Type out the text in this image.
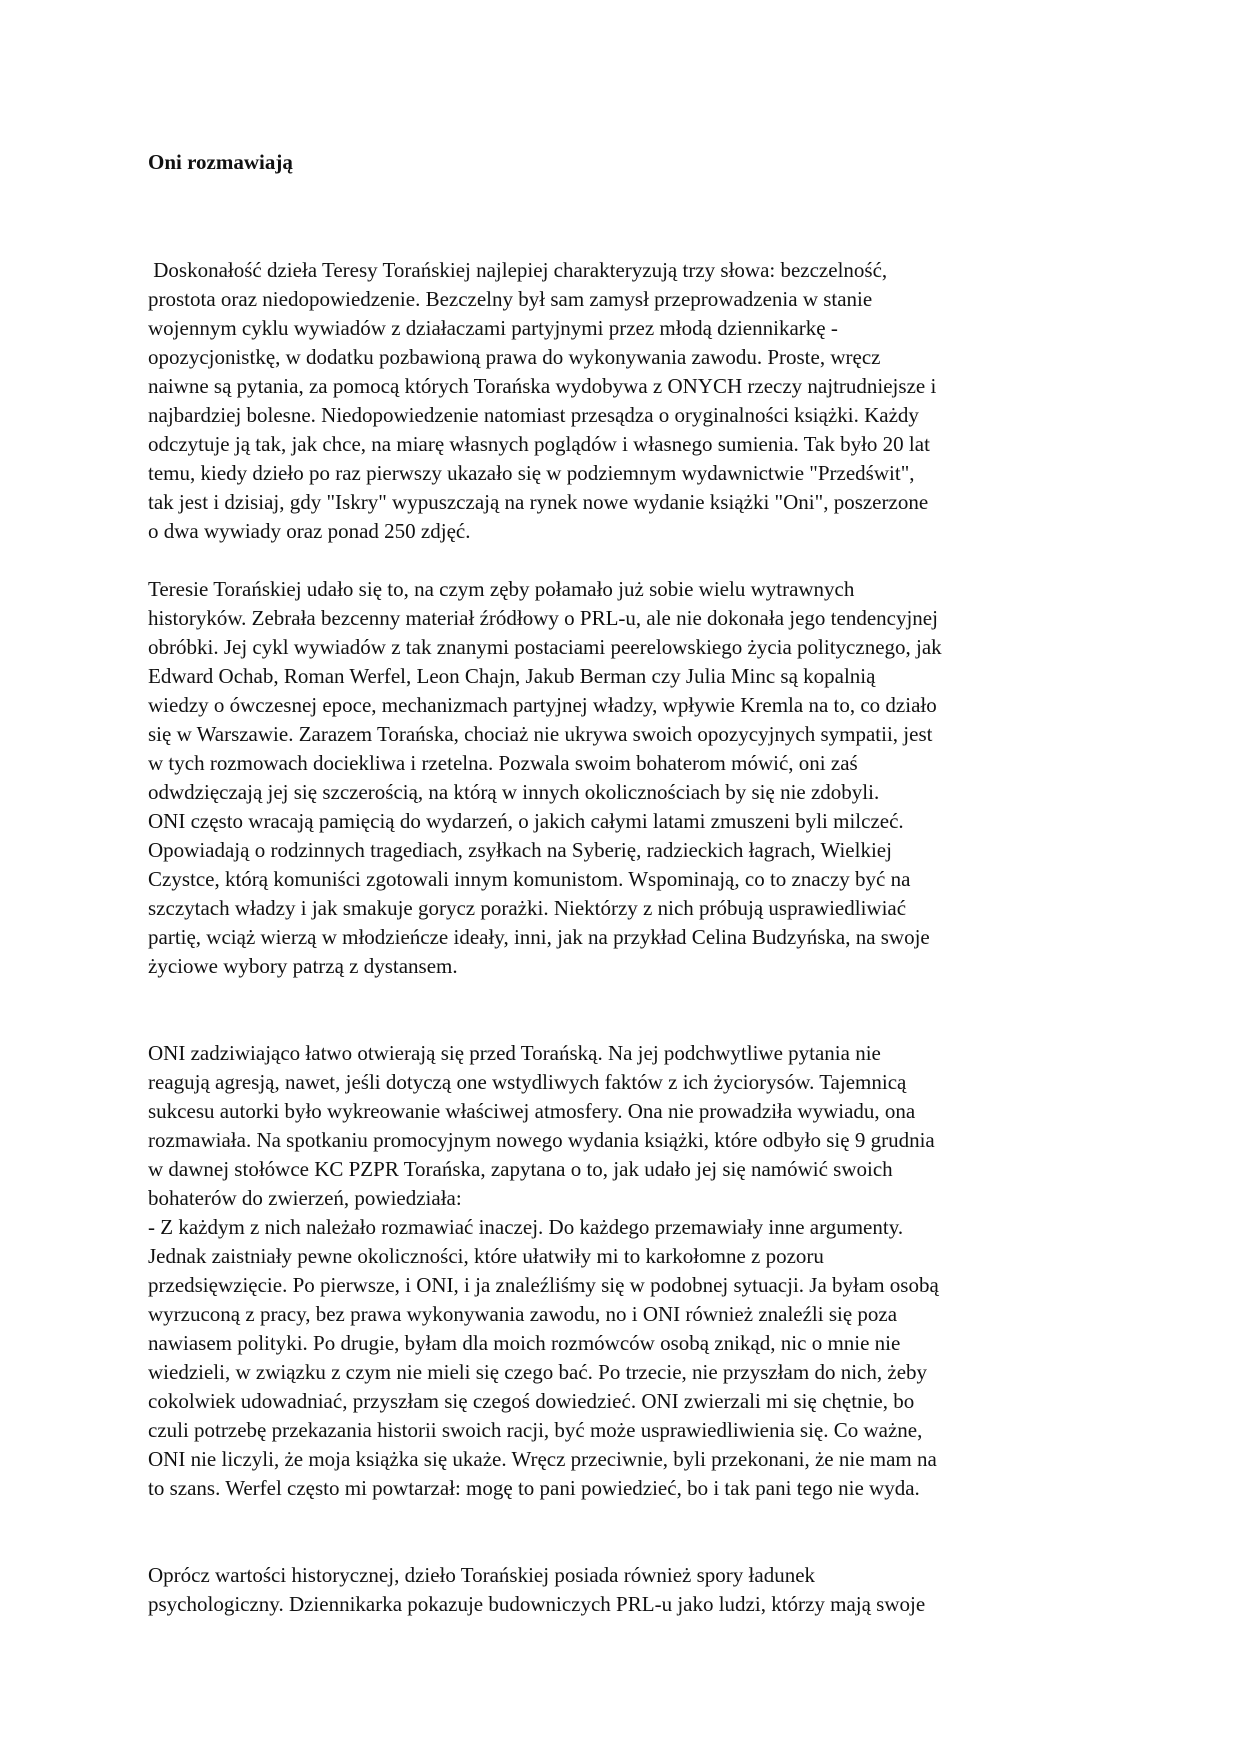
Oni rozmawiają
Doskonałość dzieła Teresy Torańskiej najlepiej charakteryzują trzy słowa: bezczelność,
prostota oraz niedopowiedzenie. Bezczelny był sam zamysł przeprowadzenia w stanie
wojennym cyklu wywiadów z działaczami partyjnymi przez młodą dziennikarkę -
opozycjonistkę, w dodatku pozbawioną prawa do wykonywania zawodu. Proste, wręcz
naiwne są pytania, za pomocą których Torańska wydobywa z ONYCH rzeczy najtrudniejsze i
najbardziej bolesne. Niedopowiedzenie natomiast przesądza o oryginalności książki. Każdy
odczytuje ją tak, jak chce, na miarę własnych poglądów i własnego sumienia. Tak było 20 lat
temu, kiedy dzieło po raz pierwszy ukazało się w podziemnym wydawnictwie "Przedświt",
tak jest i dzisiaj, gdy "Iskry" wypuszczają na rynek nowe wydanie książki "Oni", poszerzone
o dwa wywiady oraz ponad 250 zdjęć.
Teresie Torańskiej udało się to, na czym zęby połamało już sobie wielu wytrawnych
historyków. Zebrała bezcenny materiał źródłowy o PRL-u, ale nie dokonała jego tendencyjnej
obróbki. Jej cykl wywiadów z tak znanymi postaciami peerelowskiego życia politycznego, jak
Edward Ochab, Roman Werfel, Leon Chajn, Jakub Berman czy Julia Minc są kopalnią
wiedzy o ówczesnej epoce, mechanizmach partyjnej władzy, wpływie Kremla na to, co działo
się w Warszawie. Zarazem Torańska, chociaż nie ukrywa swoich opozycyjnych sympatii, jest
w tych rozmowach dociekliwa i rzetelna. Pozwala swoim bohaterom mówić, oni zaś
odwdzięczają jej się szczerością, na którą w innych okolicznościach by się nie zdobyli.
ONI często wracają pamięcią do wydarzeń, o jakich całymi latami zmuszeni byli milczeć.
Opowiadają o rodzinnych tragediach, zsyłkach na Syberię, radzieckich łagrach, Wielkiej
Czystce, którą komuniści zgotowali innym komunistom. Wspominają, co to znaczy być na
szczytach władzy i jak smakuje gorycz porażki. Niektórzy z nich próbują usprawiedliwiać
partię, wciąż wierzą w młodzieńcze ideały, inni, jak na przykład Celina Budzyńska, na swoje
życiowe wybory patrzą z dystansem.
ONI zadziwiająco łatwo otwierają się przed Torańską. Na jej podchwytliwe pytania nie
reagują agresją, nawet, jeśli dotyczą one wstydliwych faktów z ich życiorysów. Tajemnicą
sukcesu autorki było wykreowanie właściwej atmosfery. Ona nie prowadziła wywiadu, ona
rozmawiała. Na spotkaniu promocyjnym nowego wydania książki, które odbyło się 9 grudnia
w dawnej stołówce KC PZPR Torańska, zapytana o to, jak udało jej się namówić swoich
bohaterów do zwierzeń, powiedziała:
- Z każdym z nich należało rozmawiać inaczej. Do każdego przemawiały inne argumenty.
Jednak zaistniały pewne okoliczności, które ułatwiły mi to karkołomne z pozoru
przedsięwzięcie. Po pierwsze, i ONI, i ja znaleźliśmy się w podobnej sytuacji. Ja byłam osobą
wyrzuconą z pracy, bez prawa wykonywania zawodu, no i ONI również znaleźli się poza
nawiasem polityki. Po drugie, byłam dla moich rozmówców osobą znikąd, nic o mnie nie
wiedzieli, w związku z czym nie mieli się czego bać. Po trzecie, nie przyszłam do nich, żeby
cokolwiek udowadniać, przyszłam się czegoś dowiedzieć. ONI zwierzali mi się chętnie, bo
czuli potrzebę przekazania historii swoich racji, być może usprawiedliwienia się. Co ważne,
ONI nie liczyli, że moja książka się ukaże. Wręcz przeciwnie, byli przekonani, że nie mam na
to szans. Werfel często mi powtarzał: mogę to pani powiedzieć, bo i tak pani tego nie wyda.
Oprócz wartości historycznej, dzieło Torańskiej posiada również spory ładunek
psychologiczny. Dziennikarka pokazuje budowniczych PRL-u jako ludzi, którzy mają swoje
